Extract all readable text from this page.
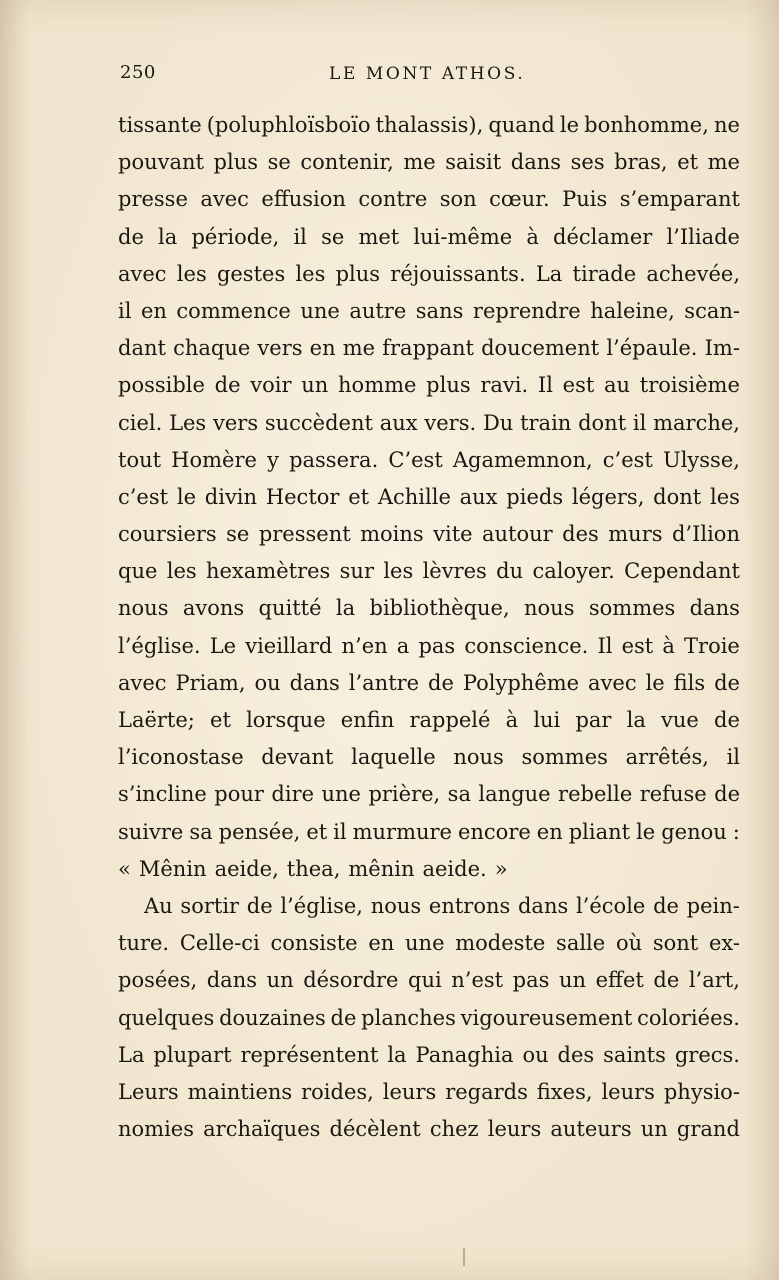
250	LE MONT ATHOS.
tissante (poluphloïsboïo thalassis), quand le bonhomme, ne
pouvant plus se contenir, me saisit dans ses bras, et me
presse avec effusion contre son cœur. Puis s’emparant
de la période, il se met lui-même à déclamer l’Iliade
avec les gestes les plus réjouissants. La tirade achevée,
il en commence une autre sans reprendre haleine, scan-
dant chaque vers en me frappant doucement l’épaule. Im-
possible de voir un homme plus ravi. Il est au troisième
ciel. Les vers succèdent aux vers. Du train dont il marche,
tout Homère y passera. C’est Agamemnon, c’est Ulysse,
c’est le divin Hector et Achille aux pieds légers, dont les
coursiers se pressent moins vite autour des murs d’Ilion
que les hexamètres sur les lèvres du caloyer. Cependant
nous avons quitté la bibliothèque, nous sommes dans
l’église. Le vieillard n’en a pas conscience. Il est à Troie
avec Priam, ou dans l’antre de Polyphême avec le fils de
Laërte; et lorsque enfin rappelé à lui par la vue de
l’iconostase devant laquelle nous sommes arrêtés, il
s’incline pour dire une prière, sa langue rebelle refuse de
suivre sa pensée, et il murmure encore en pliant le genou :
« Mênin aeide, thea, mênin aeide. »
Au sortir de l’église, nous entrons dans l’école de pein-
ture. Celle-ci consiste en une modeste salle où sont ex-
posées, dans un désordre qui n’est pas un effet de l’art,
quelques douzaines de planches vigoureusement coloriées.
La plupart représentent la Panaghia ou des saints grecs.
Leurs maintiens roides, leurs regards fixes, leurs physio-
nomies archaïques décèlent chez leurs auteurs un grand
